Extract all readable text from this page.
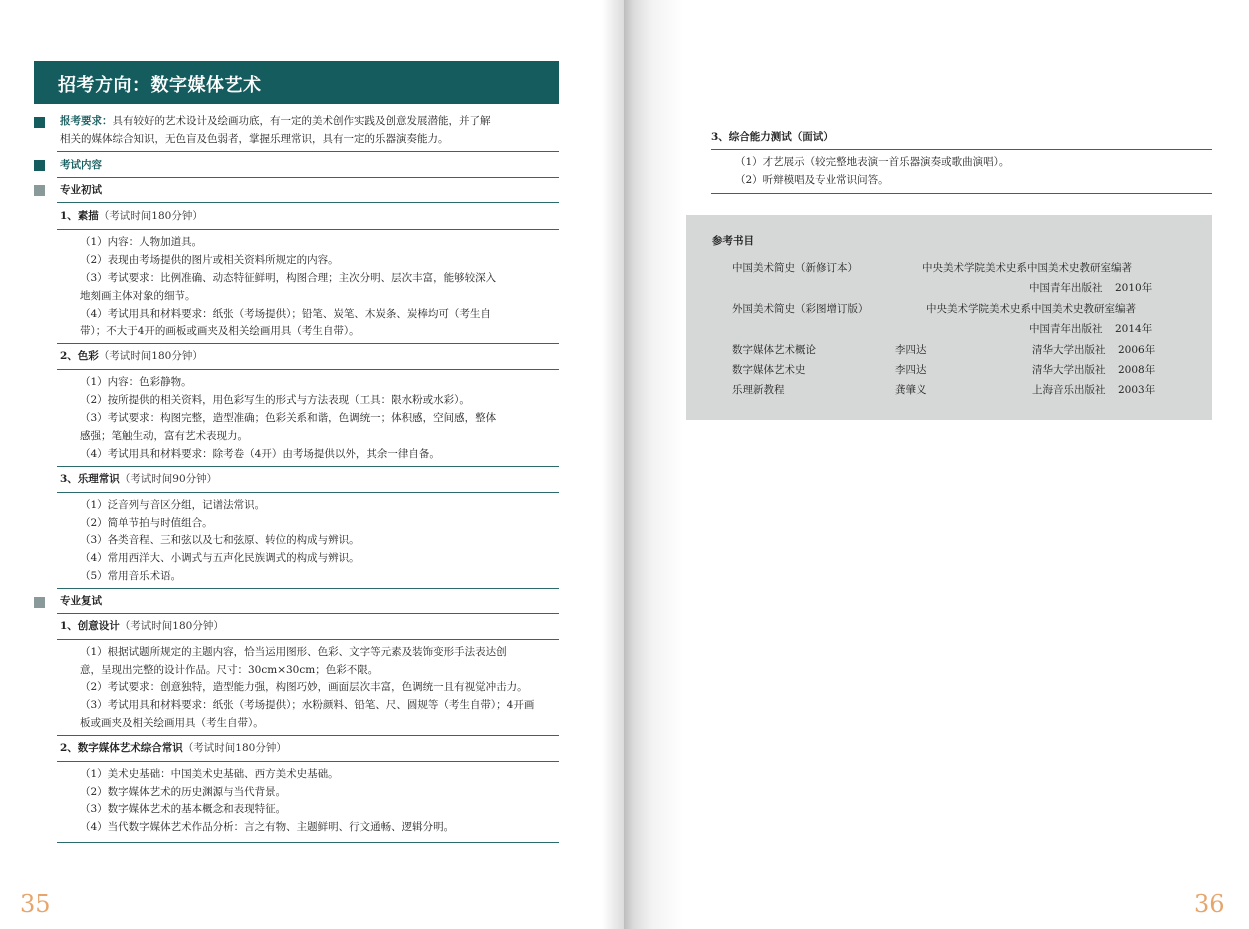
招考方向：数字媒体艺术
报考要求：具有较好的艺术设计及绘画功底，有一定的美术创作实践及创意发展潜能，并了解
相关的媒体综合知识，无色盲及色弱者，掌握乐理常识，具有一定的乐器演奏能力。
考试内容
专业初试
1、素描（考试时间180分钟）
（1）内容：人物加道具。
（2）表现由考场提供的图片或相关资料所规定的内容。
（3）考试要求：比例准确、动态特征鲜明，构图合理；主次分明、层次丰富，能够较深入
地刻画主体对象的细节。
（4）考试用具和材料要求：纸张（考场提供）；铅笔、炭笔、木炭条、炭棒均可（考生自
带）；不大于4开的画板或画夹及相关绘画用具（考生自带）。
2、色彩（考试时间180分钟）
（1）内容：色彩静物。
（2）按所提供的相关资料，用色彩写生的形式与方法表现（工具：限水粉或水彩）。
（3）考试要求：构图完整，造型准确；色彩关系和谐，色调统一；体积感，空间感，整体
感强；笔触生动，富有艺术表现力。
（4）考试用具和材料要求：除考卷（4开）由考场提供以外，其余一律自备。
3、乐理常识（考试时间90分钟）
（1）泛音列与音区分组，记谱法常识。
（2）简单节拍与时值组合。
（3）各类音程、三和弦以及七和弦原、转位的构成与辨识。
（4）常用西洋大、小调式与五声化民族调式的构成与辨识。
（5）常用音乐术语。
专业复试
1、创意设计（考试时间180分钟）
（1）根据试题所规定的主题内容，恰当运用图形、色彩、文字等元素及装饰变形手法表达创
意，呈现出完整的设计作品。尺寸：30cm×30cm；色彩不限。
（2）考试要求：创意独特，造型能力强，构图巧妙，画面层次丰富，色调统一且有视觉冲击力。
（3）考试用具和材料要求：纸张（考场提供）；水粉颜料、铅笔、尺、圆规等（考生自带）；4开画
板或画夹及相关绘画用具（考生自带）。
2、数字媒体艺术综合常识（考试时间180分钟）
（1）美术史基础：中国美术史基础、西方美术史基础。
（2）数字媒体艺术的历史渊源与当代背景。
（3）数字媒体艺术的基本概念和表现特征。
（4）当代数字媒体艺术作品分析：言之有物、主题鲜明、行文通畅、逻辑分明。
35
3、综合能力测试（面试）
（1）才艺展示（较完整地表演一首乐器演奏或歌曲演唱）。
（2）听辩模唱及专业常识问答。
36
参考书目
中国美术简史（新修订本）	中央美术学院美术史系中国美术史教研室编著
中国青年出版社 2010年
外国美术简史（彩图增订版）	中央美术学院美术史系中国美术史教研室编著
中国青年出版社 2014年
数字媒体艺术概论	李四达	清华大学出版社 2006年
数字媒体艺术史	李四达	清华大学出版社 2008年
乐理新教程	龚肇义	上海音乐出版社 2003年
